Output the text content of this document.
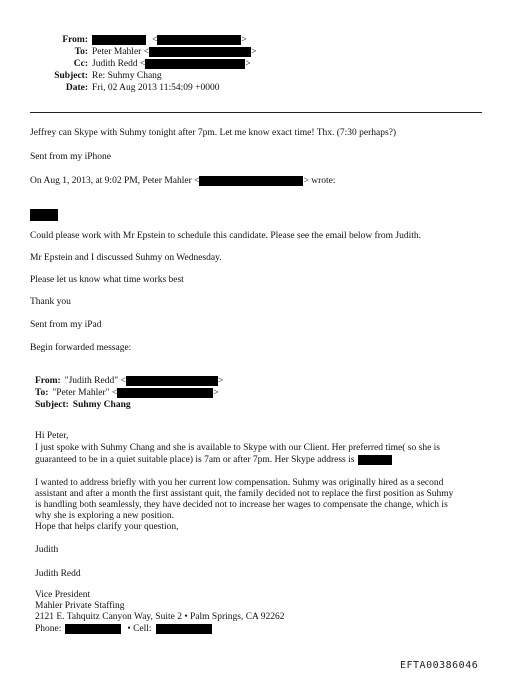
From:	<	>
To: Peter Mahler <	>
Cc: Judith Redd <	>
Subject: Re: Suhmy Chang
Date: Fri, 02 Aug 2013 11:54:09 +0000
Jeffrey can Skype with Suhmy tonight after 7pm. Let me know exact time! Thx. (7:30 perhaps?)
Sent from my iPhone
On Aug 1, 2013, at 9:02 PM, Peter Mahler <	> wrote:
Could please work with Mr Epstein to schedule this candidate. Please see the email below from Judith.
Mr Epstein and I discussed Suhmy on Wednesday.
Please let us know what time works best
Thank you
Sent from my iPad
Begin forwarded message:
From: "Judith Redd" <	>
To: "Peter Mahler" <	>
Subject: Suhmy Chang
Hi Peter,
I just spoke with Suhmy Chang and she is available to Skype with our Client. Her preferred time( so she is
guaranteed to be in a quiet suitable place) is 7am or after 7pm. Her Skype address is
I wanted to address briefly with you her current low compensation. Suhmy was originally hired as a second
assistant and after a month the first assistant quit, the family decided not to replace the first position as Suhmy
is handling both seamlessly, they have decided not to increase her wages to compensate the change, which is
why she is exploring a new position.
Hope that helps clarify your question,
Judith
Judith Redd
Vice President
Mahler Private Staffing
2121 E. Tahquitz Canyon Way, Suite 2 • Palm Springs, CA 92262
Phone:	• Cell:
EFTA00386046
